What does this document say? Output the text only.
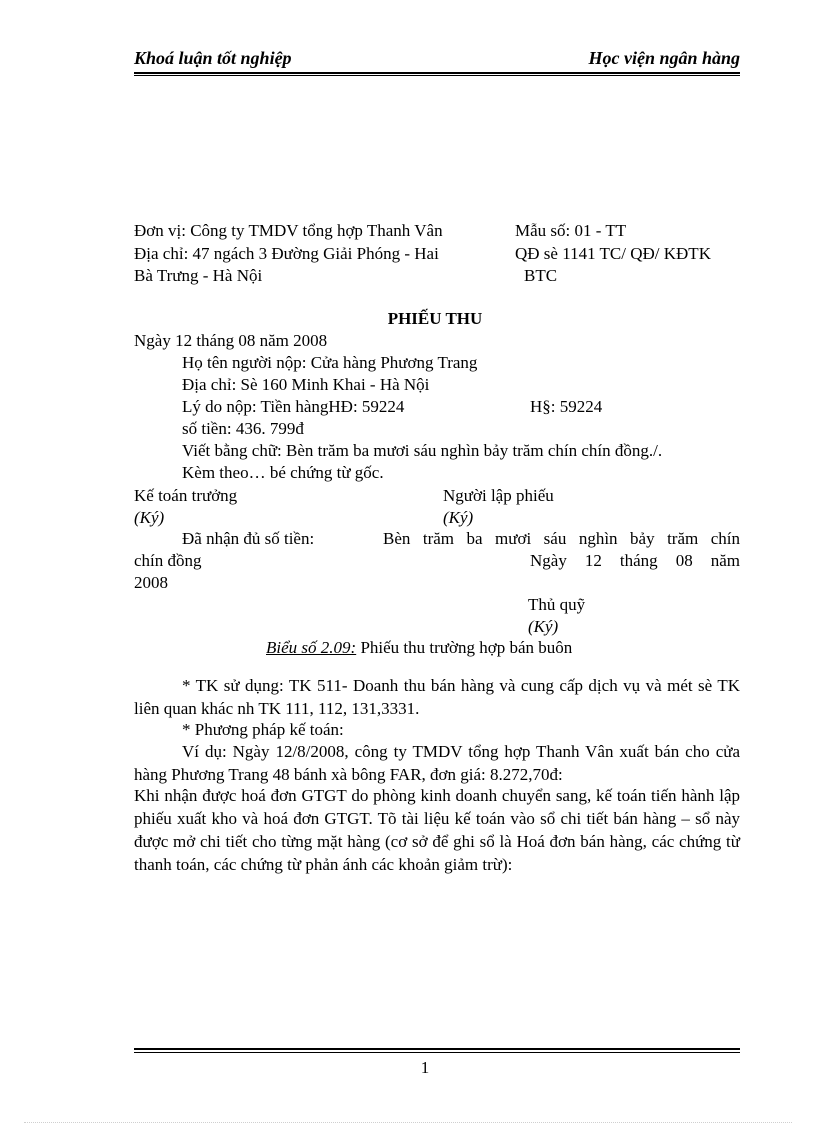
Khoá luận tốt nghiệp	Học viện ngân hàng
Đơn vị: Công ty TMDV tổng hợp Thanh Vân
Địa chỉ: 47 ngách 3 Đường Giải Phóng - Hai
Bà Trưng - Hà Nội
Mẫu số: 01 - TT
QĐ sè 1141 TC/ QĐ/ KĐTK
BTC
PHIẾU THU
Ngày 12 tháng 08 năm 2008
Họ tên người nộp: Cửa hàng Phương Trang
Địa chỉ: Sè 160 Minh Khai - Hà Nội
Lý do nộp: Tiền hàngHĐ: 59224	H§: 59224
số tiền: 436. 799đ
Viết bằng chữ: Bèn trăm ba mươi sáu nghìn bảy trăm chín chín đồng./.
Kèm theo… bé chứng từ gốc.
Kế toán trưởng	Người lập phiếu
(Ký)	(Ký)
Đã nhận đủ số tiền:	Bèn trăm ba mươi sáu nghìn bảy trăm chín
chín đồng	Ngày 12 tháng 08 năm
2008
Thủ quỹ
(Ký)
Biểu số 2.09: Phiếu thu trường hợp bán buôn
* TK sử dụng: TK 511- Doanh thu bán hàng và cung cấp dịch vụ và mét sè TK liên quan khác nh TK 111, 112, 131,3331.
* Phương pháp kế toán:
Ví dụ: Ngày 12/8/2008, công ty TMDV tổng hợp Thanh Vân xuất bán cho cửa hàng Phương Trang 48 bánh xà bông FAR, đơn giá: 8.272,70đ:
Khi nhận được hoá đơn GTGT do phòng kinh doanh chuyển sang, kế toán tiến hành lập phiếu xuất kho và hoá đơn GTGT. Tõ tài liệu kế toán vào sổ chi tiết bán hàng – sổ này được mở chi tiết cho từng mặt hàng (cơ sở để ghi sổ là Hoá đơn bán hàng, các chứng từ thanh toán, các chứng từ phản ánh các khoản giảm trừ):
1
